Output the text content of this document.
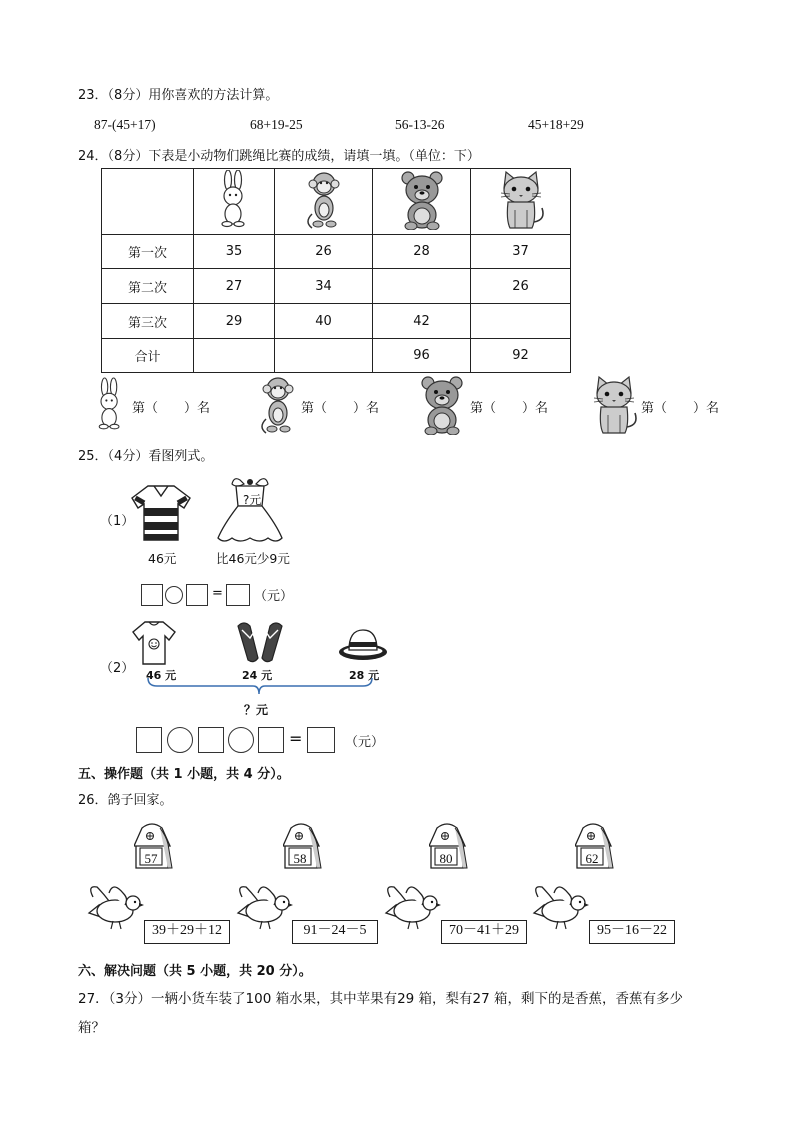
23．（8分）用你喜欢的方法计算。
87-(45+17)	68+19-25	56-13-26	45+18+29
24．（8分）下表是小动物们跳绳比赛的成绩，请填一填。（单位：下）

第一次	35	26	28	37
第二次	27	34		26
第三次	29	40	42	
合计			96	92
第（ ）名	第（ ）名	第（ ）名	第（ ）名
25．（4分）看图列式。
（1）
46元
?元
比46元少9元
= （元）
（2） 46 元	24 元	28 元
？元
=	（元）
五、操作题（共 1 小题，共 4 分）。
26．鸽子回家。
57	58	80	62
39＋29＋12	91－24－5	70－41＋29	95－16－22
六、解决问题（共 5 小题，共 20 分）。
27．（3分）一辆小货车装了100 箱水果，其中苹果有29 箱，梨有27 箱，剩下的是香蕉，香蕉有多少
箱？
